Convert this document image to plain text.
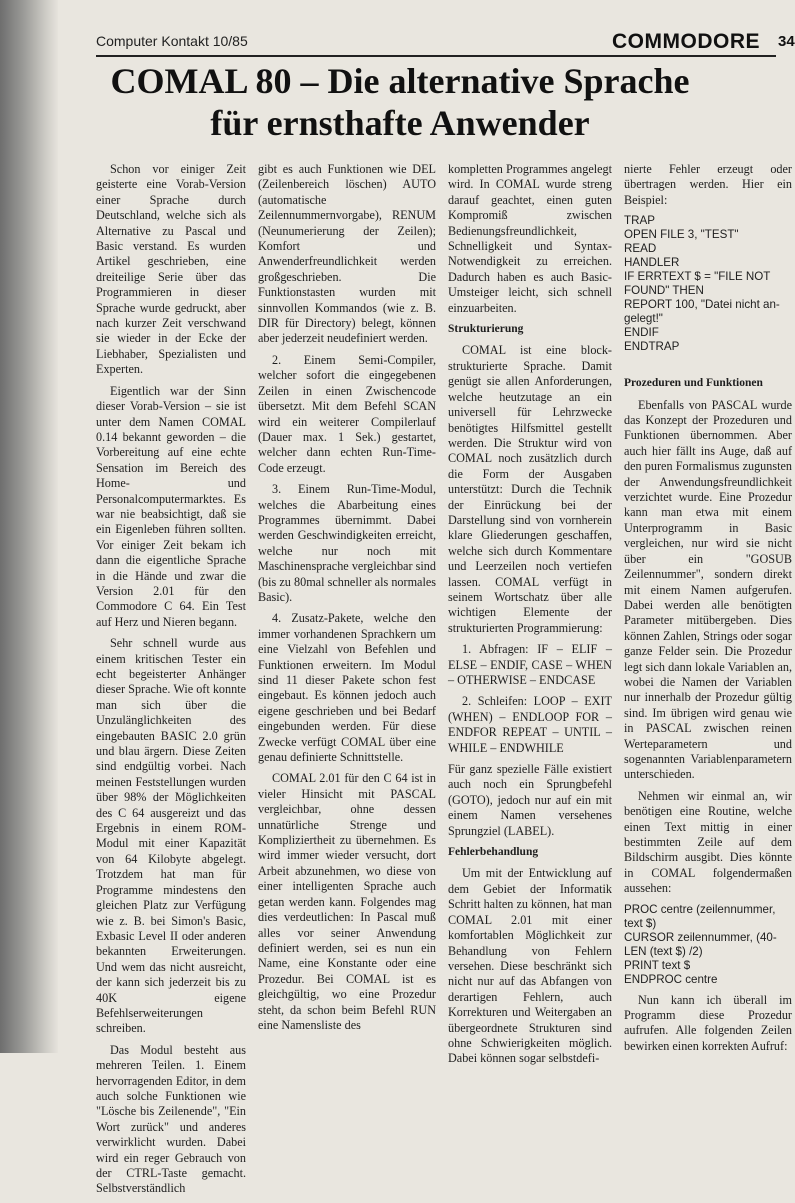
Computer Kontakt 10/85	COMMODORE 34
COMAL 80 – Die alternative Sprache
für ernsthafte Anwender

Schon vor einiger Zeit geisterte eine Vorab-Version einer Sprache durch Deutschland, welche sich als Alternative zu Pascal und Basic verstand. Es wurden Artikel geschrieben, eine dreiteilige Serie über das Programmieren in dieser Sprache wurde gedruckt, aber nach kurzer Zeit verschwand sie wieder in der Ecke der Liebhaber, Spezialisten und Experten.

Eigentlich war der Sinn dieser Vorab-Version – sie ist unter dem Namen COMAL 0.14 bekannt geworden – die Vorbereitung auf eine echte Sensation im Bereich des Home- und Personalcomputermarktes. Es war nie beabsichtigt, daß sie ein Eigenleben führen sollten. Vor einiger Zeit bekam ich dann die eigentliche Sprache in die Hände und zwar die Version 2.01 für den Commodore C 64. Ein Test auf Herz und Nieren begann.

Sehr schnell wurde aus einem kritischen Tester ein echt begeisterter Anhänger dieser Sprache. Wie oft konnte man sich über die Unzulänglichkeiten des eingebauten BASIC 2.0 grün und blau ärgern. Diese Zeiten sind endgültig vorbei. Nach meinen Feststellungen wurden über 98% der Möglichkeiten des C 64 ausgereizt und das Ergebnis in einem ROM-Modul mit einer Kapazität von 64 Kilobyte abgelegt. Trotzdem hat man für Programme mindestens den gleichen Platz zur Verfügung wie z. B. bei Simon's Basic, Exbasic Level II oder anderen bekannten Erweiterungen. Und wem das nicht ausreicht, der kann sich jederzeit bis zu 40K eigene Befehlserweiterungen schreiben.

Das Modul besteht aus mehreren Teilen. 1. Einem hervorragenden Editor, in dem auch solche Funktionen wie "Lösche bis Zeilenende", "Ein Wort zurück" und anderes verwirklicht wurden. Dabei wird ein reger Gebrauch von der CTRL-Taste gemacht. Selbstverständlich

gibt es auch Funktionen wie DEL (Zeilenbereich löschen) AUTO (automatische Zeilennummernvorgabe), RENUM (Neunumerierung der Zeilen); Komfort und Anwenderfreundlichkeit werden großgeschrieben. Die Funktionstasten wurden mit sinnvollen Kommandos (wie z. B. DIR für Directory) belegt, können aber jederzeit neudefiniert werden.

2. Einem Semi-Compiler, welcher sofort die eingegebenen Zeilen in einen Zwischencode übersetzt. Mit dem Befehl SCAN wird ein weiterer Compilerlauf (Dauer max. 1 Sek.) gestartet, welcher dann echten Run-Time-Code erzeugt.

3. Einem Run-Time-Modul, welches die Abarbeitung eines Programmes übernimmt. Dabei werden Geschwindigkeiten erreicht, welche nur noch mit Maschinensprache vergleichbar sind (bis zu 80mal schneller als normales Basic).

4. Zusatz-Pakete, welche den immer vorhandenen Sprachkern um eine Vielzahl von Befehlen und Funktionen erweitern. Im Modul sind 11 dieser Pakete schon fest eingebaut. Es können jedoch auch eigene geschrieben und bei Bedarf eingebunden werden. Für diese Zwecke verfügt COMAL über eine genau definierte Schnittstelle.

COMAL 2.01 für den C 64 ist in vieler Hinsicht mit PASCAL vergleichbar, ohne dessen unnatürliche Strenge und Kompliziertheit zu übernehmen. Es wird immer wieder versucht, dort Arbeit abzunehmen, wo diese von einer intelligenten Sprache auch getan werden kann. Folgendes mag dies verdeutlichen: In Pascal muß alles vor seiner Anwendung definiert werden, sei es nun ein Name, eine Konstante oder eine Prozedur. Bei COMAL ist es gleichgültig, wo eine Prozedur steht, da schon beim Befehl RUN eine Namensliste des

kompletten Programmes angelegt wird. In COMAL wurde streng darauf geachtet, einen guten Kompromiß zwischen Bedienungsfreundlichkeit, Schnelligkeit und Syntax-Notwendigkeit zu erreichen. Dadurch haben es auch Basic-Umsteiger leicht, sich schnell einzuarbeiten.

Strukturierung

COMAL ist eine block-strukturierte Sprache. Damit genügt sie allen Anforderungen, welche heutzutage an ein universell für Lehrzwecke benötigtes Hilfsmittel gestellt werden. Die Struktur wird von COMAL noch zusätzlich durch die Form der Ausgaben unterstützt: Durch die Technik der Einrückung bei der Darstellung sind von vornherein klare Gliederungen geschaffen, welche sich durch Kommentare und Leerzeilen noch vertiefen lassen. COMAL verfügt in seinem Wortschatz über alle wichtigen Elemente der strukturierten Programmierung:

1. Abfragen: IF – ELIF – ELSE – ENDIF, CASE – WHEN – OTHERWISE – ENDCASE

2. Schleifen: LOOP – EXIT (WHEN) – ENDLOOP FOR – ENDFOR REPEAT – UNTIL – WHILE – ENDWHILE

Für ganz spezielle Fälle existiert auch noch ein Sprungbefehl (GOTO), jedoch nur auf ein mit einem Namen versehenes Sprungziel (LABEL).

Fehlerbehandlung

Um mit der Entwicklung auf dem Gebiet der Informatik Schritt halten zu können, hat man COMAL 2.01 mit einer komfortablen Möglichkeit zur Behandlung von Fehlern versehen. Diese beschränkt sich nicht nur auf das Abfangen von derartigen Fehlern, auch Korrekturen und Weitergaben an übergeordnete Strukturen sind ohne Schwierigkeiten möglich. Dabei können sogar selbstdefi-

nierte Fehler erzeugt oder übertragen werden. Hier ein Beispiel:

TRAP
OPEN FILE 3, "TEST"
READ
HANDLER
IF ERRTEXT $ = "FILE NOT
FOUND" THEN
REPORT 100, "Datei nicht an-
gelegt!"
ENDIF
ENDTRAP
Prozeduren und Funktionen

Ebenfalls von PASCAL wurde das Konzept der Prozeduren und Funktionen übernommen. Aber auch hier fällt ins Auge, daß auf den puren Formalismus zugunsten der Anwendungsfreundlichkeit verzichtet wurde. Eine Prozedur kann man etwa mit einem Unterprogramm in Basic vergleichen, nur wird sie nicht über ein "GOSUB Zeilennummer", sondern direkt mit einem Namen aufgerufen. Dabei werden alle benötigten Parameter mitübergeben. Dies können Zahlen, Strings oder sogar ganze Felder sein. Die Prozedur legt sich dann lokale Variablen an, wobei die Namen der Variablen nur innerhalb der Prozedur gültig sind. Im übrigen wird genau wie in PASCAL zwischen reinen Werteparametern und sogenannten Variablenparametern unterschieden.

Nehmen wir einmal an, wir benötigen eine Routine, welche einen Text mittig in einer bestimmten Zeile auf dem Bildschirm ausgibt. Dies könnte in COMAL folgendermaßen aussehen:

PROC centre (zeilennummer,
text $)
CURSOR zeilennummer, (40-
LEN (text $) /2)
PRINT text $
ENDPROC centre

Nun kann ich überall im Programm diese Prozedur aufrufen. Alle folgenden Zeilen bewirken einen korrekten Aufruf:
